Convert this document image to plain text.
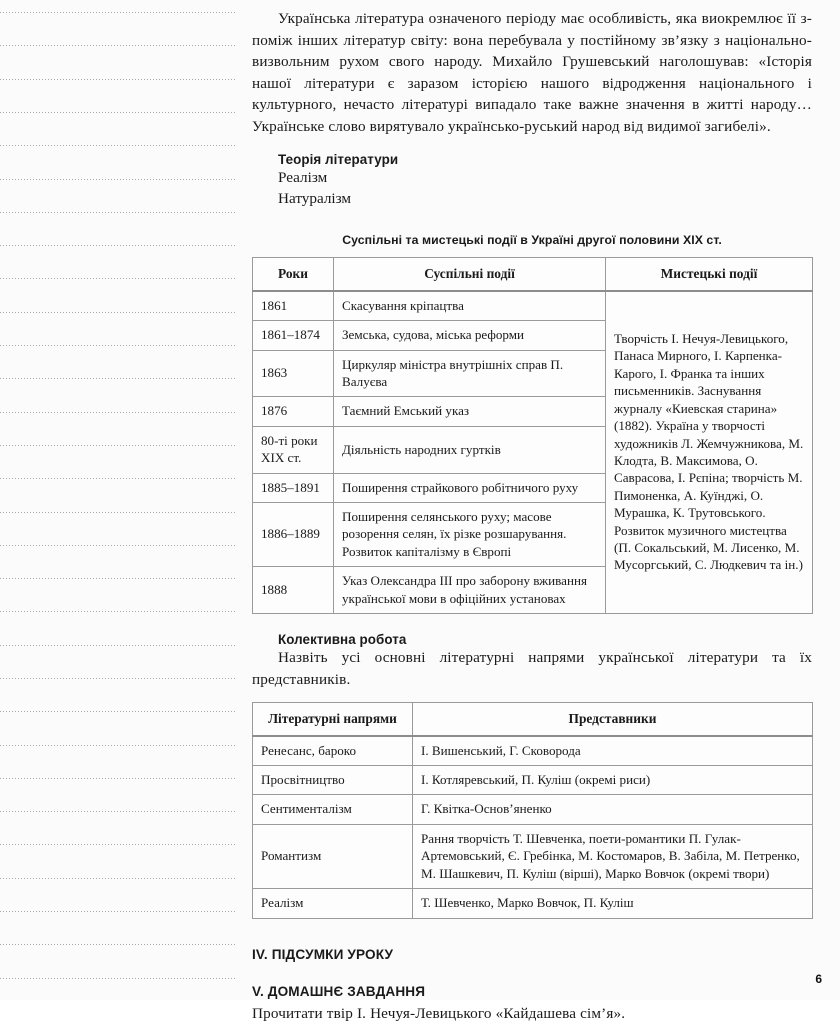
Українська література означеного періоду має особливість, яка виокремлює її з-поміж інших літератур світу: вона перебувала у постійному зв’язку з національно-визвольним рухом свого народу. Михайло Грушевський наголошував: «Історія нашої літератури є заразом історією нашого відродження національного і культурного, нечасто літературі випадало таке важне значення в житті народу… Українське слово вирятувало українсько-руський народ від видимої загибелі».

Теорія літератури

Реалізм

Натуралізм

Суспільні та мистецькі події в Україні другої половини XIX ст.
Роки	Суспільні події	Мистецькі події
1861	Скасування кріпацтва	Творчість І. Нечуя-Левицького, Панаса Мирного, І. Карпенка-Карого, І. Франка та інших письменників. Заснування журналу «Киевская старина» (1882). Україна у творчості художників Л. Жемчужникова, М. Клодта, В. Максимова, О. Саврасова, І. Рєпіна; творчість М. Пимоненка, А. Куїнджі, О. Мурашка, К. Трутовського. Розвиток музичного мистецтва (П. Сокальський, М. Лисенко, М. Мусоргський, С. Людкевич та ін.)
1861–1874	Земська, судова, міська реформи	
1863	Циркуляр міністра внутрішніх справ П. Валуєва	
1876	Таємний Емський указ	
80-ті роки XIX ст.	Діяльність народних гуртків	
1885–1891	Поширення страйкового робітничого руху	
1886–1889	Поширення селянського руху; масове розорення селян, їх різке розшарування. Розвиток капіталізму в Європі	
1888	Указ Олександра III про заборону вживання української мови в офіційних установах	

Колективна робота

Назвіть усі основні літературні напрями української літератури та їх представників.

Літературні напрями	Представники
Ренесанс, бароко	І. Вишенський, Г. Сковорода
Просвітництво	І. Котляревський, П. Куліш (окремі риси)
Сентименталізм	Г. Квітка-Основ’яненко
Романтизм	Рання творчість Т. Шевченка, поети-романтики П. Гулак-Артемовський, Є. Гребінка, М. Костомаров, В. Забіла, М. Петренко, М. Шашкевич, П. Куліш (вірші), Марко Вовчок (окремі твори)
Реалізм	Т. Шевченко, Марко Вовчок, П. Куліш

IV. ПІДСУМКИ УРОКУ

V. ДОМАШНЄ ЗАВДАННЯ

Прочитати твір І. Нечуя-Левицького «Кайдашева сім’я».

6
